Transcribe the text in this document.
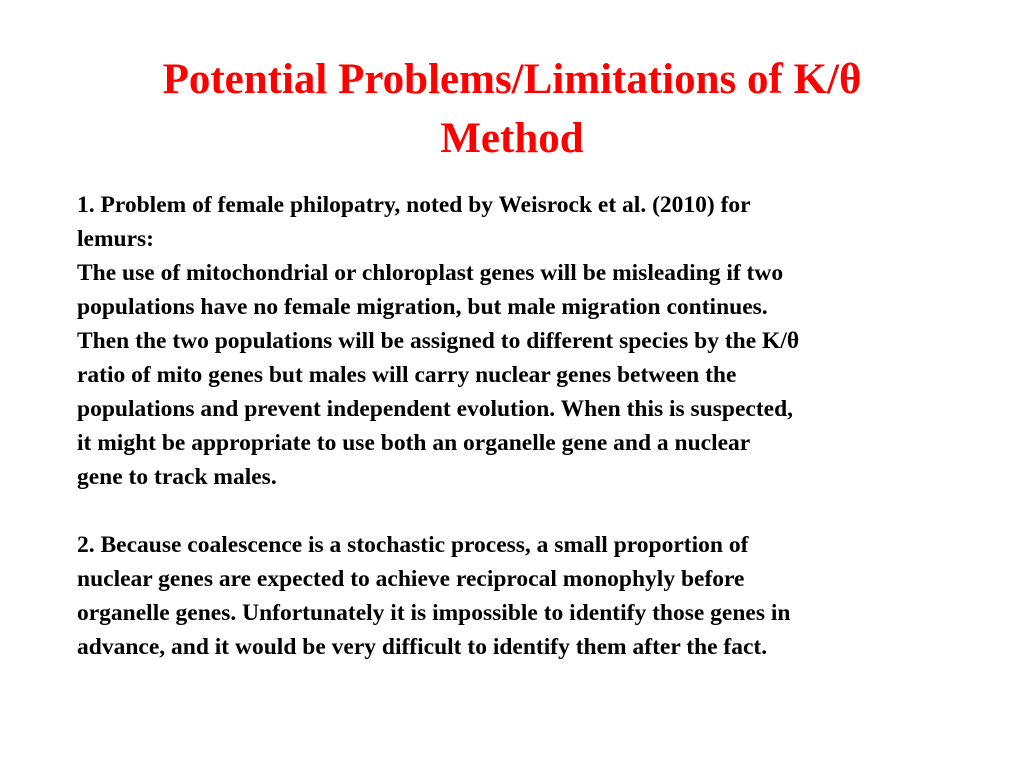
Potential Problems/Limitations of K/θ
Method
1. Problem of female philopatry, noted by Weisrock et al. (2010) for
lemurs:
The use of mitochondrial or chloroplast genes will be misleading if two
populations have no female migration, but male migration continues.
Then the two populations will be assigned to different species by the K/θ
ratio of mito genes but males will carry nuclear genes between the
populations and prevent independent evolution. When this is suspected,
it might be appropriate to use both an organelle gene and a nuclear
gene to track males.
2. Because coalescence is a stochastic process, a small proportion of
nuclear genes are expected to achieve reciprocal monophyly before
organelle genes. Unfortunately it is impossible to identify those genes in
advance, and it would be very difficult to identify them after the fact.
